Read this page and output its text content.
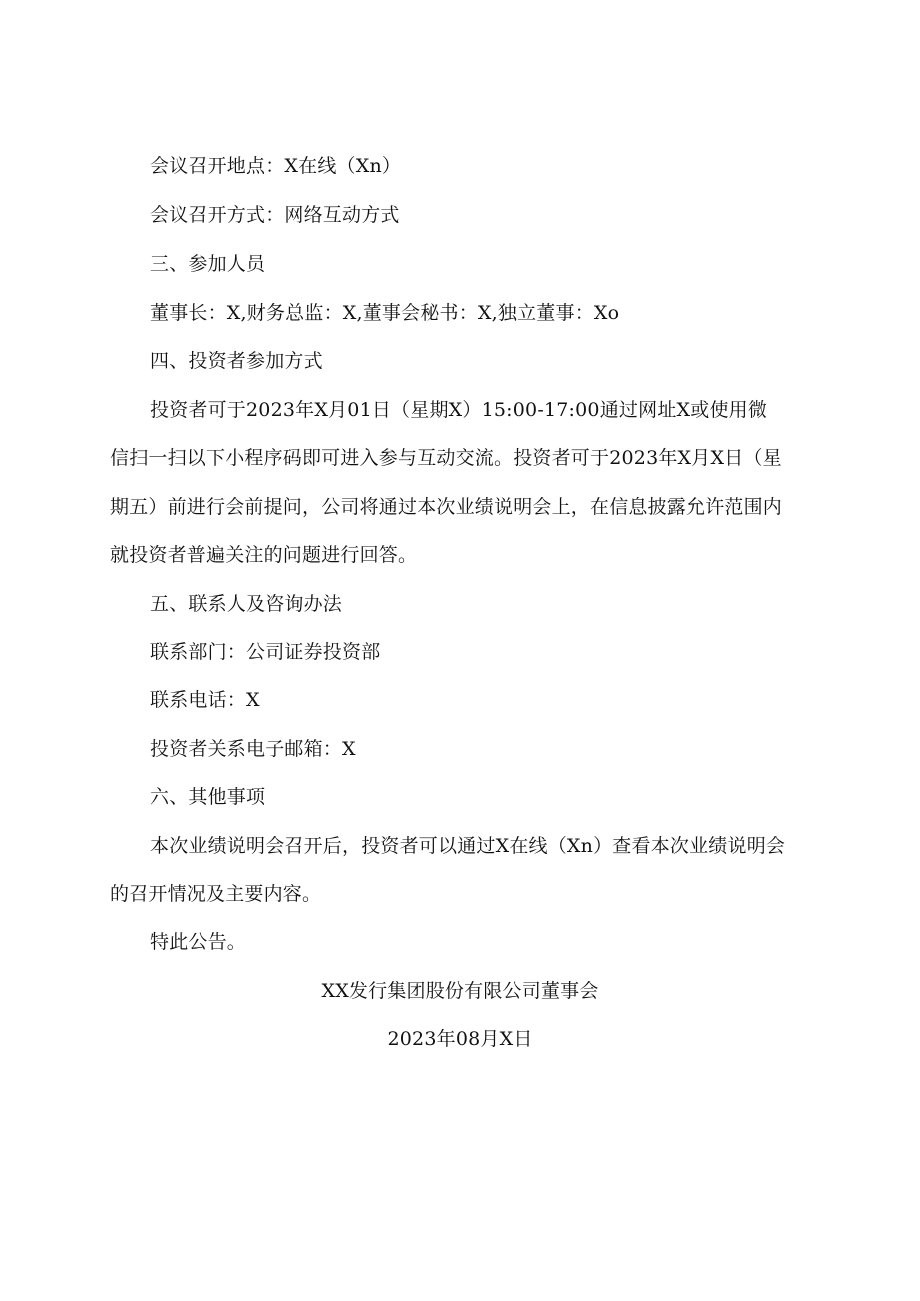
会议召开地点：X在线（Xn）
会议召开方式：网络互动方式
三、参加人员
董事长：X,财务总监：X,董事会秘书：X,独立董事：Xo
四、投资者参加方式
投资者可于2023年X月01日（星期X）15:00-17:00通过网址X或使用微
信扫一扫以下小程序码即可进入参与互动交流。投资者可于2023年X月X日（星
期五）前进行会前提问，公司将通过本次业绩说明会上，在信息披露允许范围内
就投资者普遍关注的问题进行回答。
五、联系人及咨询办法
联系部门：公司证券投资部
联系电话：X
投资者关系电子邮箱：X
六、其他事项
本次业绩说明会召开后，投资者可以通过X在线（Xn）查看本次业绩说明会
的召开情况及主要内容。
特此公告。
XX发行集团股份有限公司董事会
2023年08月X日
